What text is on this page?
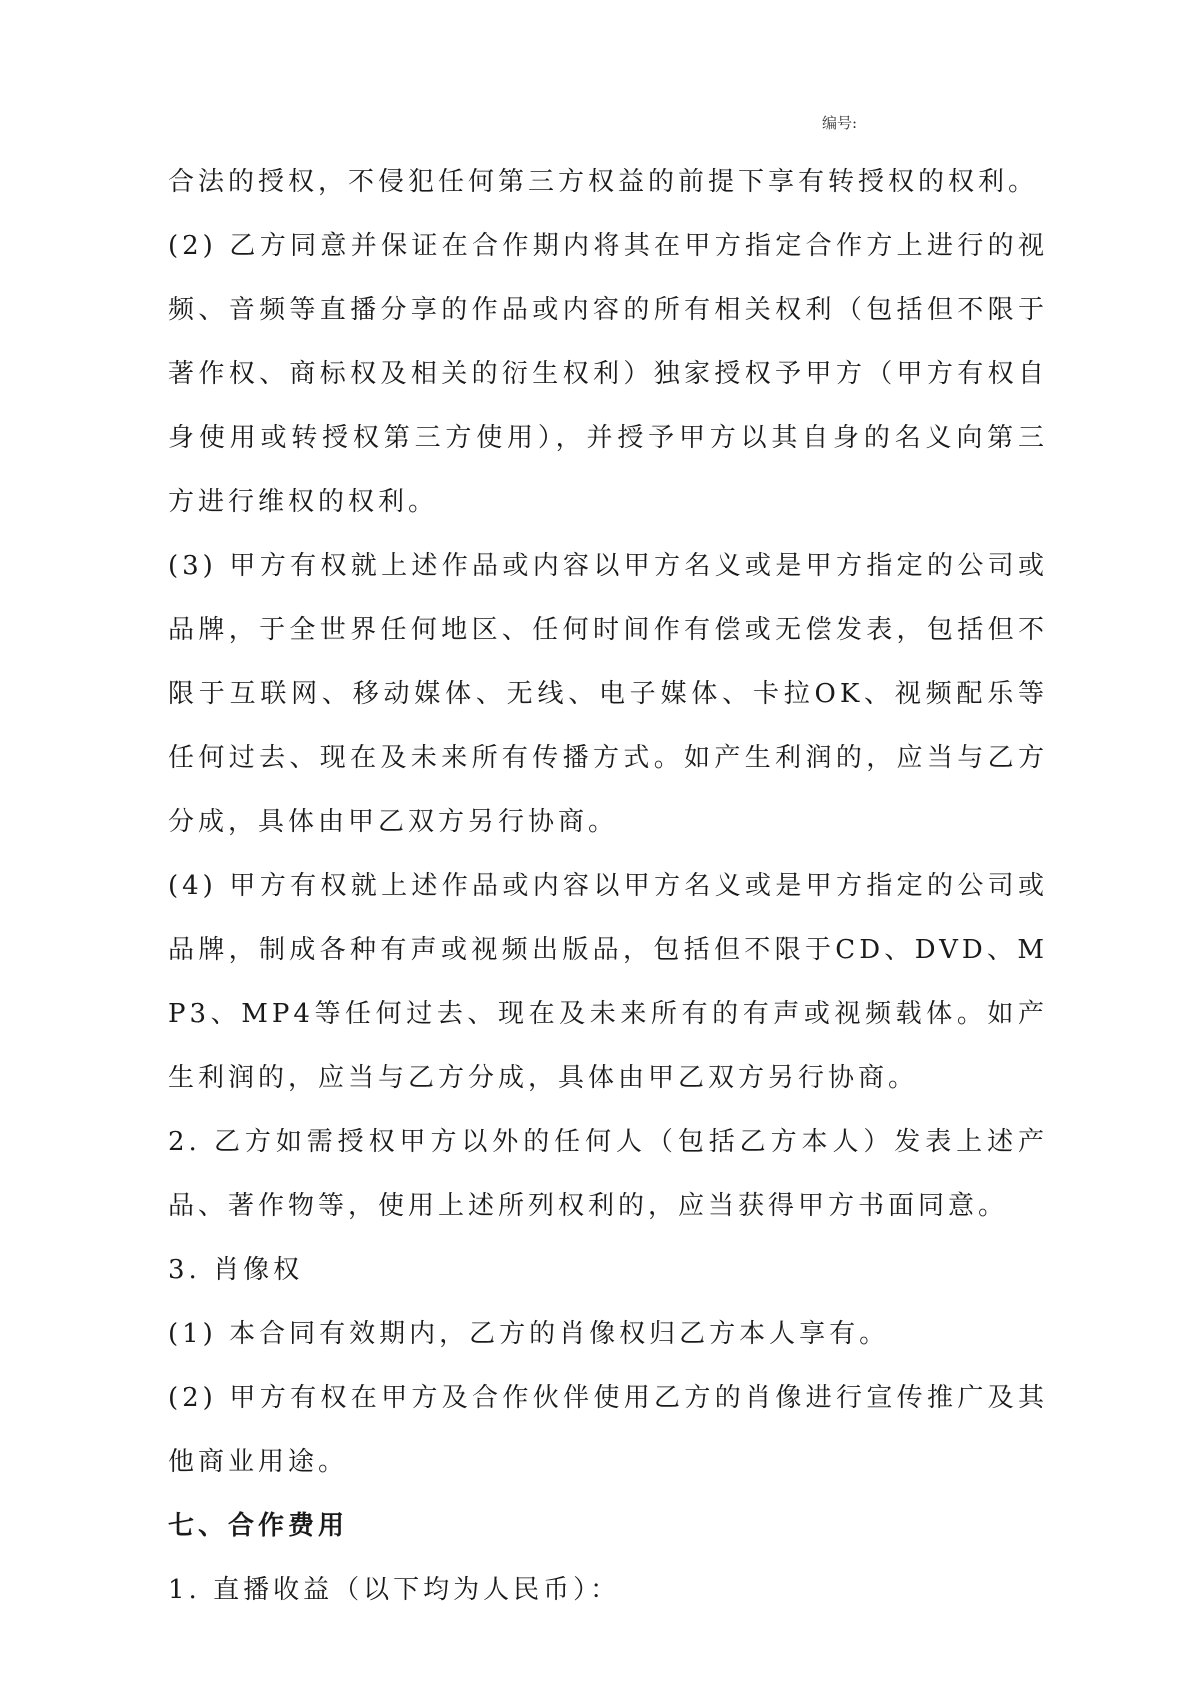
编号:

合法的授权，不侵犯任何第三方权益的前提下享有转授权的权利。

(2) 乙方同意并保证在合作期内将其在甲方指定合作方上进行的视频、音频等直播分享的作品或内容的所有相关权利（包括但不限于著作权、商标权及相关的衍生权利）独家授权予甲方（甲方有权自身使用或转授权第三方使用），并授予甲方以其自身的名义向第三方进行维权的权利。

(3) 甲方有权就上述作品或内容以甲方名义或是甲方指定的公司或品牌，于全世界任何地区、任何时间作有偿或无偿发表，包括但不限于互联网、移动媒体、无线、电子媒体、卡拉OK、视频配乐等任何过去、现在及未来所有传播方式。如产生利润的，应当与乙方分成，具体由甲乙双方另行协商。

(4) 甲方有权就上述作品或内容以甲方名义或是甲方指定的公司或品牌，制成各种有声或视频出版品，包括但不限于CD、DVD、MP3、MP4等任何过去、现在及未来所有的有声或视频载体。如产生利润的，应当与乙方分成，具体由甲乙双方另行协商。

2. 乙方如需授权甲方以外的任何人（包括乙方本人）发表上述产品、著作物等，使用上述所列权利的，应当获得甲方书面同意。

3. 肖像权

(1) 本合同有效期内，乙方的肖像权归乙方本人享有。

(2) 甲方有权在甲方及合作伙伴使用乙方的肖像进行宣传推广及其他商业用途。

七、合作费用

1. 直播收益（以下均为人民币）：
